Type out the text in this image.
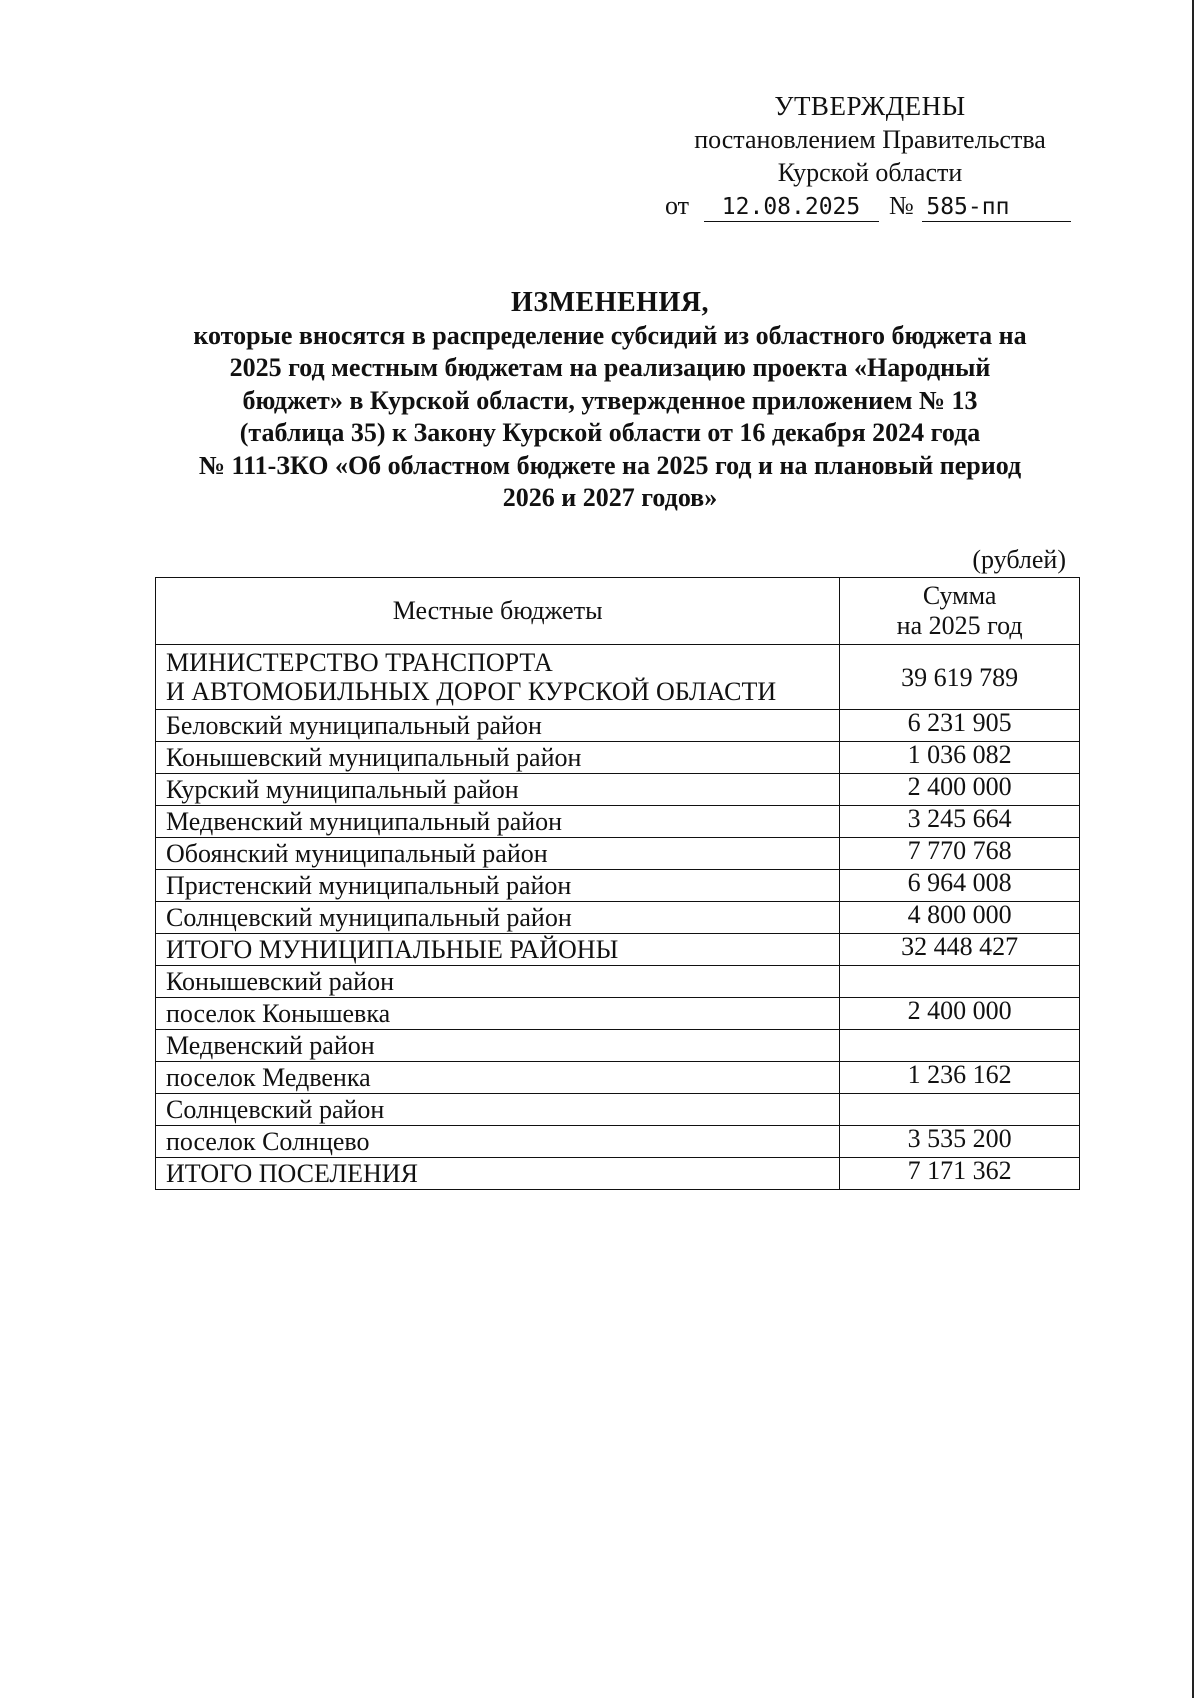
УТВЕРЖДЕНЫ
постановлением Правительства
Курской области
от 12.08.2025 № 585-пп
ИЗМЕНЕНИЯ,
которые вносятся в распределение субсидий из областного бюджета на
2025 год местным бюджетам на реализацию проекта «Народный
бюджет» в Курской области, утвержденное приложением № 13
(таблица 35) к Закону Курской области от 16 декабря 2024 года
№ 111-ЗКО «Об областном бюджете на 2025 год и на плановый период
2026 и 2027 годов»
(рублей)
Местные бюджеты	Сумма
на 2025 год

МИНИСТЕРСТВО ТРАНСПОРТА
И АВТОМОБИЛЬНЫХ ДОРОГ КУРСКОЙ ОБЛАСТИ	39 619 789
Беловский муниципальный район	6 231 905
Конышевский муниципальный район	1 036 082
Курский муниципальный район	2 400 000
Медвенский муниципальный район	3 245 664
Обоянский муниципальный район	7 770 768
Пристенский муниципальный район	6 964 008
Солнцевский муниципальный район	4 800 000
ИТОГО МУНИЦИПАЛЬНЫЕ РАЙОНЫ	32 448 427
Конышевский район	
поселок Конышевка	2 400 000
Медвенский район	
поселок Медвенка	1 236 162
Солнцевский район	
поселок Солнцево	3 535 200
ИТОГО ПОСЕЛЕНИЯ	7 171 362
